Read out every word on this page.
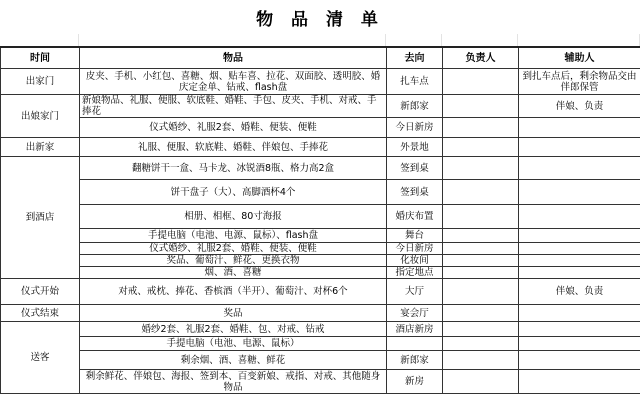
物 品 清 单
时间	物品	去向	负责人	辅助人
出家门	皮夹、手机、小红包、喜糖、烟、贴车喜、拉花、双面胶、透明胶、婚庆定金单、钻戒、flash盘	扎车点		到扎车点后，剩余物品交由伴郎保管
出娘家门	新娘物品、礼服、便服、软底鞋、婚鞋、手包、皮夹、手机、对戒、手捧花	新郎家		伴娘、负责
	仪式婚纱、礼服2套、婚鞋、便装、便鞋	今日新房		
出新家	礼服、便服、软底鞋、婚鞋、伴娘包、手捧花	外景地		
到酒店	翻糖饼干一盒、马卡龙、冰锐酒8瓶、格力高2盒	签到桌		
	饼干盘子（大）、高脚酒杯4个	签到桌		
	相册、相框、80寸海报	婚庆布置		
	手提电脑（电池、电源、鼠标）、flash盘	舞台		
	仪式婚纱、礼服2套、婚鞋、便装、便鞋	今日新房		
	奖品、葡萄汁、鲜花、更换衣物	化妆间		
	烟、酒、喜糖	指定地点		
仪式开始	对戒、戒枕、捧花、香槟酒（半开）、葡萄汁、对杯6个	大厅		伴娘、负责
仪式结束	奖品	宴会厅		
送客	婚纱2套、礼服2套、婚鞋、包、对戒、钻戒	酒店新房		
	手提电脑（电池、电源、鼠标）			
	剩余烟、酒、喜糖、鲜花	新郎家		
	剩余鲜花、伴娘包、海报、签到本、百变新娘、戒指、对戒、其他随身物品	新房		
